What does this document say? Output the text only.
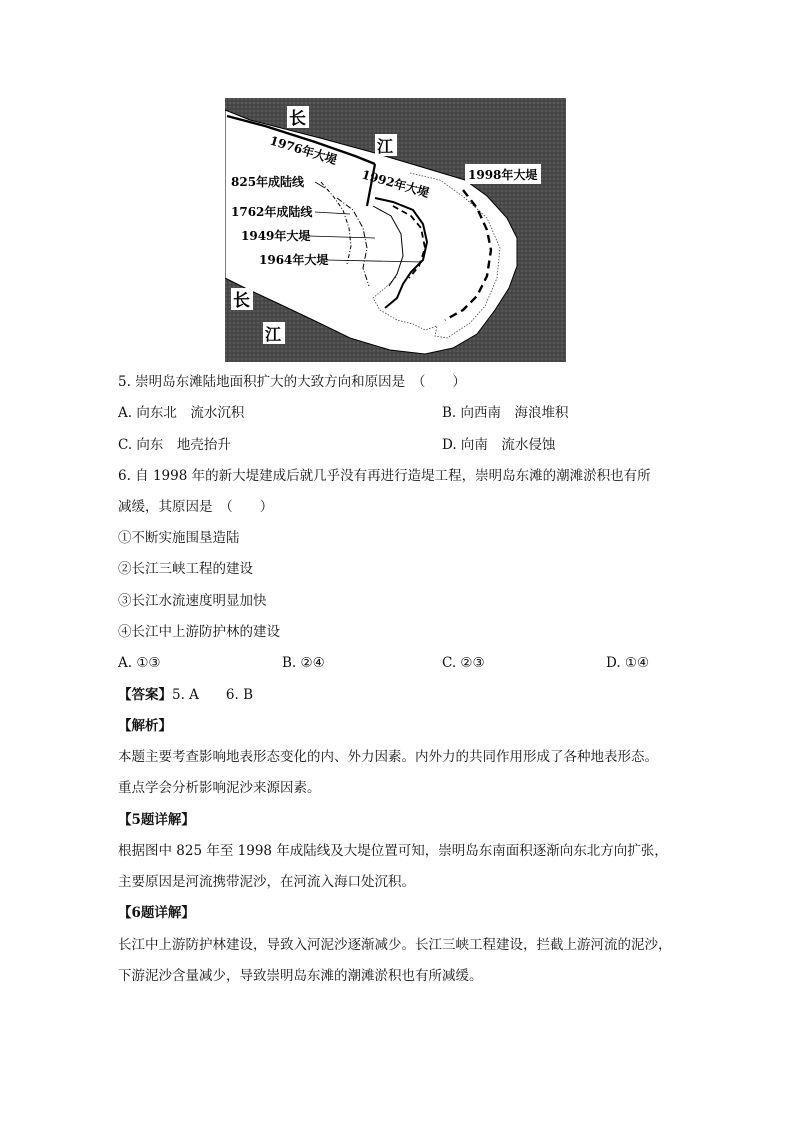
长
江
1976年大堤
1992年大堤	1998年大堤
825年成陆线
1762年成陆线
1949年大堤
1964年大堤
长
江
5. 崇明岛东滩陆地面积扩大的大致方向和原因是　（　　）
A. 向东北　流水沉积	B. 向西南　海浪堆积
C. 向东　地壳抬升	D. 向南　流水侵蚀
6. 自 1998 年的新大堤建成后就几乎没有再进行造堤工程，崇明岛东滩的潮滩淤积也有所
减缓，其原因是　（　　）
①不断实施围垦造陆
②长江三峡工程的建设
③长江水流速度明显加快
④长江中上游防护林的建设
A. ①③	B. ②④	C. ②③	D. ①④
【答案】5. A　　6. B
【解析】
本题主要考查影响地表形态变化的内、外力因素。内外力的共同作用形成了各种地表形态。
重点学会分析影响泥沙来源因素。
【5题详解】
根据图中 825 年至 1998 年成陆线及大堤位置可知，崇明岛东南面积逐渐向东北方向扩张，
主要原因是河流携带泥沙，在河流入海口处沉积。
【6题详解】
长江中上游防护林建设，导致入河泥沙逐渐减少。长江三峡工程建设，拦截上游河流的泥沙，
下游泥沙含量减少，导致崇明岛东滩的潮滩淤积也有所减缓。
